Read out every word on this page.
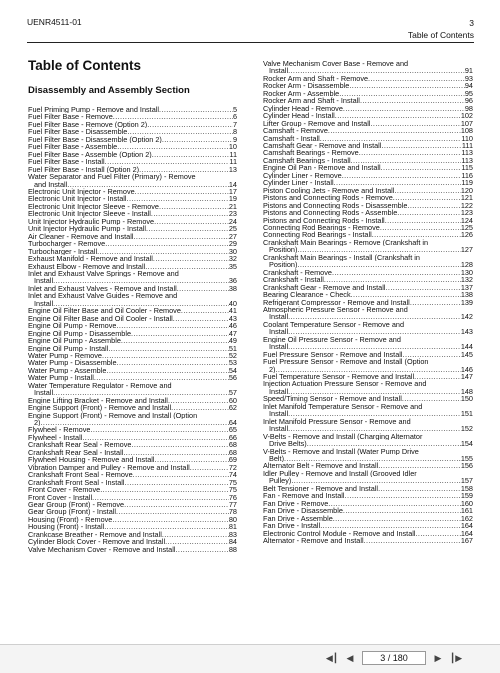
UENR4511-01	3
Table of Contents
Table of Contents
Disassembly and Assembly Section
Fuel Priming Pump - Remove and Install .....	5
Fuel Filter Base - Remove .....	6
Fuel Filter Base - Remove (Option 2) .....	7
Fuel Filter Base - Disassemble .....	8
Fuel Filter Base - Disassemble (Option 2) .....	9
Fuel Filter Base - Assemble .....	10
Fuel Filter Base - Assemble (Option 2) .....	11
Fuel Filter Base - Install .....	11
Fuel Filter Base - Install (Option 2) .....	13
Water Separator and Fuel Filter (Primary) - Remove
and Install .....	14
Electronic Unit Injector - Remove .....	17
Electronic Unit Injector - Install .....	19
Electronic Unit Injector Sleeve - Remove .....	21
Electronic Unit Injector Sleeve - Install .....	23
Unit Injector Hydraulic Pump - Remove .....	24
Unit Injector Hydraulic Pump - Install .....	25
Air Cleaner - Remove and Install .....	27
Turbocharger - Remove .....	29
Turbocharger - Install .....	30
Exhaust Manifold - Remove and Install .....	32
Exhaust Elbow - Remove and Install .....	35
Inlet and Exhaust Valve Springs - Remove and
Install .....	36
Inlet and Exhaust Valves - Remove and Install .....	38
Inlet and Exhaust Valve Guides - Remove and
Install .....	40
Engine Oil Filter Base and Oil Cooler - Remove .....	41
Engine Oil Filter Base and Oil Cooler - Install .....	43
Engine Oil Pump - Remove .....	46
Engine Oil Pump - Disassemble .....	47
Engine Oil Pump - Assemble .....	49
Engine Oil Pump - Install .....	51
Water Pump - Remove .....	52
Water Pump - Disassemble .....	53
Water Pump - Assemble .....	54
Water Pump - Install .....	56
Water Temperature Regulator - Remove and
Install .....	57
Engine Lifting Bracket - Remove and Install .....	60
Engine Support (Front) - Remove and Install .....	62
Engine Support (Front) - Remove and Install (Option
2) .....	64
Flywheel - Remove .....	65
Flywheel - Install .....	66
Crankshaft Rear Seal - Remove .....	68
Crankshaft Rear Seal - Install .....	68
Flywheel Housing - Remove and Install .....	69
Vibration Damper and Pulley - Remove and Install .....	72
Crankshaft Front Seal - Remove .....	74
Crankshaft Front Seal - Install .....	75
Front Cover - Remove .....	75
Front Cover - Install .....	76
Gear Group (Front) - Remove .....	77
Gear Group (Front) - Install .....	78
Housing (Front) - Remove .....	80
Housing (Front) - Install .....	81
Crankcase Breather - Remove and Install .....	83
Cylinder Block Cover - Remove and Install .....	84
Valve Mechanism Cover - Remove and Install .....	88
Valve Mechanism Cover Base - Remove and
Install .....	91
Rocker Arm and Shaft - Remove .....	93
Rocker Arm - Disassemble .....	94
Rocker Arm - Assemble .....	95
Rocker Arm and Shaft - Install .....	96
Cylinder Head - Remove .....	98
Cylinder Head - Install .....	102
Lifter Group - Remove and Install .....	107
Camshaft - Remove .....	108
Camshaft - Install .....	110
Camshaft Gear - Remove and Install .....	111
Camshaft Bearings - Remove .....	113
Camshaft Bearings - Install .....	113
Engine Oil Pan - Remove and Install .....	115
Cylinder Liner - Remove .....	116
Cylinder Liner - Install .....	119
Piston Cooling Jets - Remove and Install .....	120
Pistons and Connecting Rods - Remove .....	121
Pistons and Connecting Rods - Disassemble .....	122
Pistons and Connecting Rods - Assemble .....	123
Pistons and Connecting Rods - Install .....	124
Connecting Rod Bearings - Remove .....	125
Connecting Rod Bearings - Install .....	126
Crankshaft Main Bearings - Remove (Crankshaft in
Position) .....	127
Crankshaft Main Bearings - Install (Crankshaft in
Position) .....	128
Crankshaft - Remove .....	130
Crankshaft - Install .....	132
Crankshaft Gear - Remove and Install .....	137
Bearing Clearance - Check .....	138
Refrigerant Compressor - Remove and Install .....	139
Atmospheric Pressure Sensor - Remove and
Install .....	142
Coolant Temperature Sensor - Remove and
Install .....	143
Engine Oil Pressure Sensor - Remove and
Install .....	144
Fuel Pressure Sensor - Remove and Install .....	145
Fuel Pressure Sensor - Remove and Install (Option
2) .....	146
Fuel Temperature Sensor - Remove and Install .....	147
Injection Actuation Pressure Sensor - Remove and
Install .....	148
Speed/Timing Sensor - Remove and Install .....	150
Inlet Manifold Temperature Sensor - Remove and
Install .....	151
Inlet Manifold Pressure Sensor - Remove and
Install .....	152
V-Belts - Remove and Install (Charging Alternator
Drive Belts) .....	154
V-Belts - Remove and Install (Water Pump Drive
Belt) .....	155
Alternator Belt - Remove and Install .....	156
Idler Pulley - Remove and Install (Grooved Idler
Pulley) .....	157
Belt Tensioner - Remove and Install .....	158
Fan - Remove and Install .....	159
Fan Drive - Remove .....	160
Fan Drive - Disassemble .....	161
Fan Drive - Assemble .....	162
Fan Drive - Install .....	164
Electronic Control Module - Remove and Install .....	164
Alternator - Remove and Install .....	167
◀┃ ◀	3 / 180	▶ ┃▶
